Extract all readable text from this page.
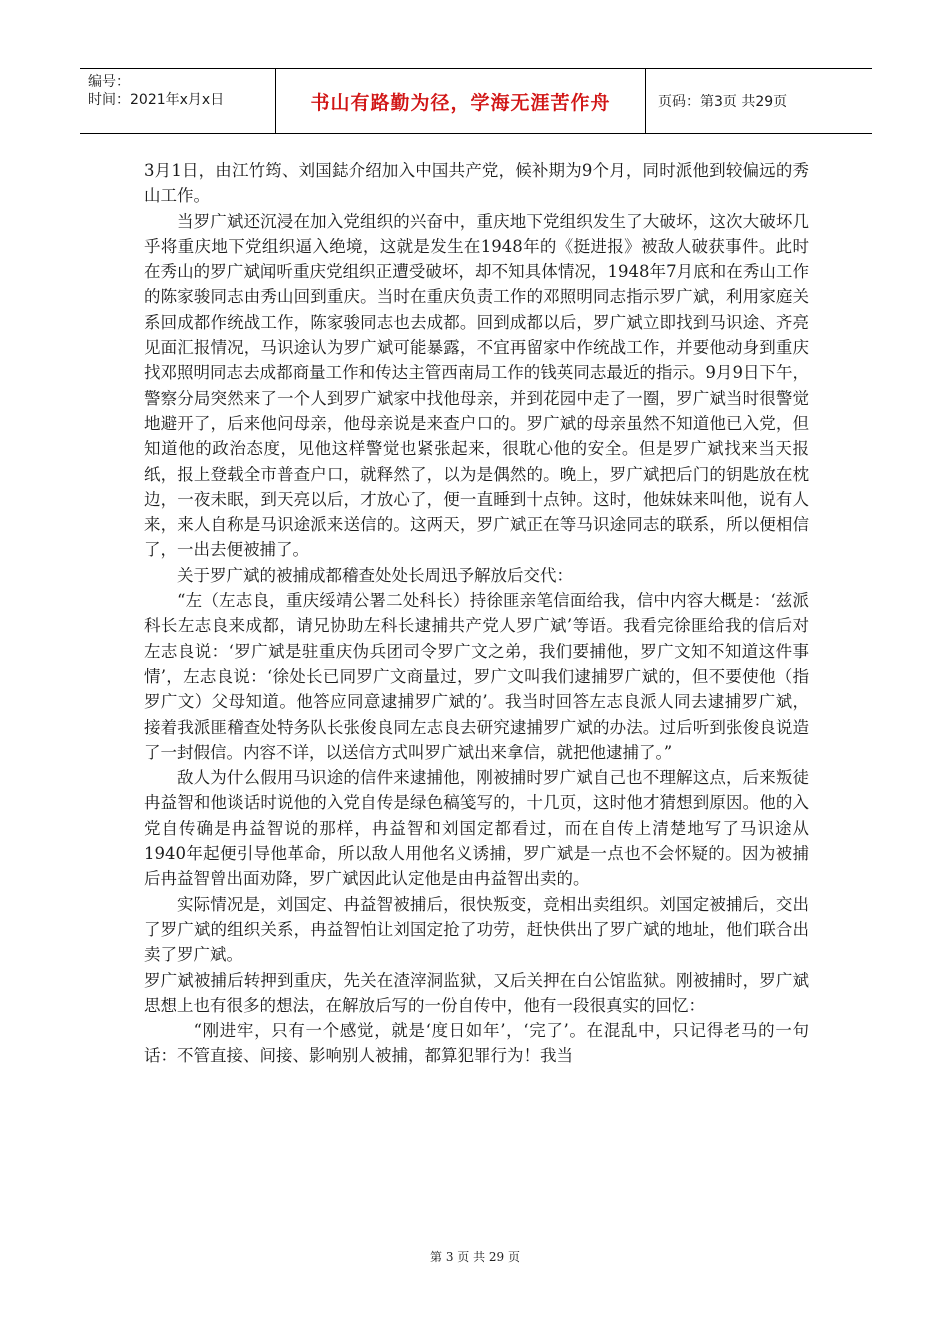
编号：
时间：2021年x月x日	书山有路勤为径，学海无涯苦作舟	页码：第3页 共29页

3月1日，由江竹筠、刘国鋕介绍加入中国共产党，候补期为9个月，同时派他到较偏远的秀山工作。

当罗广斌还沉浸在加入党组织的兴奋中，重庆地下党组织发生了大破坏，这次大破坏几乎将重庆地下党组织逼入绝境，这就是发生在1948年的《挺进报》被敌人破获事件。此时在秀山的罗广斌闻听重庆党组织正遭受破坏，却不知具体情况，1948年7月底和在秀山工作的陈家骏同志由秀山回到重庆。当时在重庆负责工作的邓照明同志指示罗广斌，利用家庭关系回成都作统战工作，陈家骏同志也去成都。回到成都以后，罗广斌立即找到马识途、齐亮见面汇报情况，马识途认为罗广斌可能暴露，不宜再留家中作统战工作，并要他动身到重庆找邓照明同志去成都商量工作和传达主管西南局工作的钱英同志最近的指示。9月9日下午，警察分局突然来了一个人到罗广斌家中找他母亲，并到花园中走了一圈，罗广斌当时很警觉地避开了，后来他问母亲，他母亲说是来查户口的。罗广斌的母亲虽然不知道他已入党，但知道他的政治态度，见他这样警觉也紧张起来，很耽心他的安全。但是罗广斌找来当天报纸，报上登载全市普查户口，就释然了，以为是偶然的。晚上，罗广斌把后门的钥匙放在枕边，一夜未眠，到天亮以后，才放心了，便一直睡到十点钟。这时，他妹妹来叫他，说有人来，来人自称是马识途派来送信的。这两天，罗广斌正在等马识途同志的联系，所以便相信了，一出去便被捕了。

关于罗广斌的被捕成都稽查处处长周迅予解放后交代：

“左（左志良，重庆绥靖公署二处科长）持徐匪亲笔信面给我，信中内容大概是：‘兹派科长左志良来成都，请兄协助左科长逮捕共产党人罗广斌’等语。我看完徐匪给我的信后对左志良说：‘罗广斌是驻重庆伪兵团司令罗广文之弟，我们要捕他，罗广文知不知道这件事情’，左志良说：‘徐处长已同罗广文商量过，罗广文叫我们逮捕罗广斌的，但不要使他（指罗广文）父母知道。他答应同意逮捕罗广斌的’。我当时回答左志良派人同去逮捕罗广斌，接着我派匪稽查处特务队长张俊良同左志良去研究逮捕罗广斌的办法。过后听到张俊良说造了一封假信。内容不详，以送信方式叫罗广斌出来拿信，就把他逮捕了。”

敌人为什么假用马识途的信件来逮捕他，刚被捕时罗广斌自己也不理解这点，后来叛徒冉益智和他谈话时说他的入党自传是绿色稿笺写的，十几页，这时他才猜想到原因。他的入党自传确是冉益智说的那样，冉益智和刘国定都看过，而在自传上清楚地写了马识途从1940年起便引导他革命，所以敌人用他名义诱捕，罗广斌是一点也不会怀疑的。因为被捕后冉益智曾出面劝降，罗广斌因此认定他是由冉益智出卖的。

实际情况是，刘国定、冉益智被捕后，很快叛变，竞相出卖组织。刘国定被捕后，交出了罗广斌的组织关系，冉益智怕让刘国定抢了功劳，赶快供出了罗广斌的地址，他们联合出卖了罗广斌。

罗广斌被捕后转押到重庆，先关在渣滓洞监狱，又后关押在白公馆监狱。刚被捕时，罗广斌思想上也有很多的想法，在解放后写的一份自传中，他有一段很真实的回忆：

“刚进牢，只有一个感觉，就是‘度日如年’，‘完了’。在混乱中，只记得老马的一句话：不管直接、间接、影响别人被捕，都算犯罪行为！我当

第 3 页 共 29 页
